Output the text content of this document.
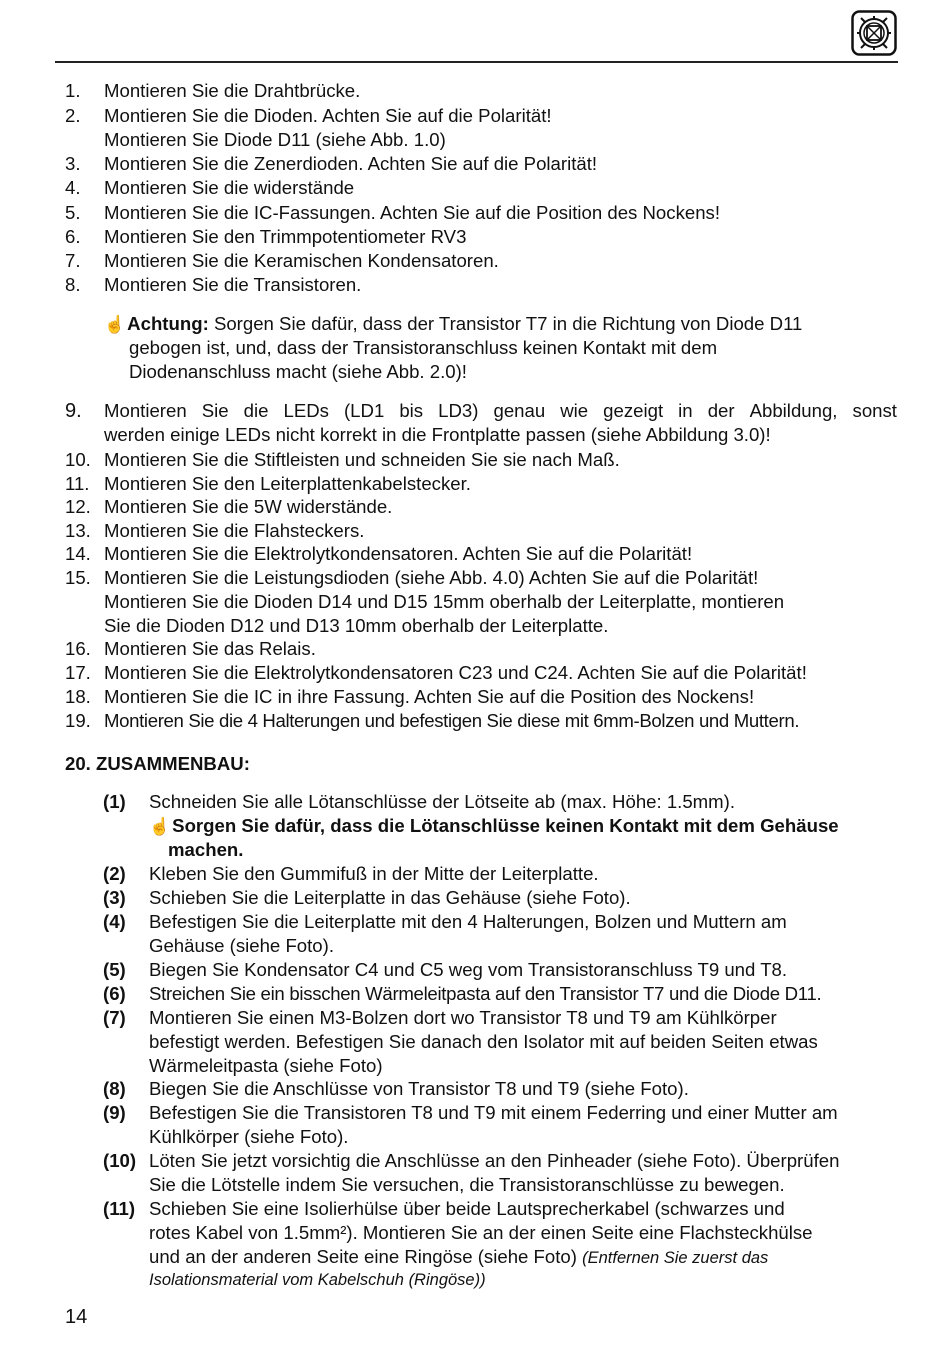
1.	Montieren Sie die Drahtbrücke.
2.	Montieren Sie die Dioden. Achten Sie auf die Polarität!
Montieren Sie Diode D11 (siehe Abb. 1.0)
3.	Montieren Sie die Zenerdioden. Achten Sie auf die Polarität!
4.	Montieren Sie die widerstände
5.	Montieren Sie die IC-Fassungen. Achten Sie auf die Position des Nockens!
6.	Montieren Sie den Trimmpotentiometer RV3
7.	Montieren Sie die Keramischen Kondensatoren.
8.	Montieren Sie die Transistoren.
☝ Achtung: Sorgen Sie dafür, dass der Transistor T7 in die Richtung von Diode D11
gebogen ist, und, dass der Transistoranschluss keinen Kontakt mit dem
Diodenanschluss macht (siehe Abb. 2.0)!
9.	Montieren Sie die LEDs (LD1 bis LD3) genau wie gezeigt in der Abbildung, sonst
werden einige LEDs nicht korrekt in die Frontplatte passen (siehe Abbildung 3.0)!
10. Montieren Sie die Stiftleisten und schneiden Sie sie nach Maß.
11. Montieren Sie den Leiterplattenkabelstecker.
12. Montieren Sie die 5W widerstände.
13. Montieren Sie die Flahsteckers.
14. Montieren Sie die Elektrolytkondensatoren. Achten Sie auf die Polarität!
15. Montieren Sie die Leistungsdioden (siehe Abb. 4.0) Achten Sie auf die Polarität!
Montieren Sie die Dioden D14 und D15 15mm oberhalb der Leiterplatte, montieren
Sie die Dioden D12 und D13 10mm oberhalb der Leiterplatte.
16. Montieren Sie das Relais.
17. Montieren Sie die Elektrolytkondensatoren C23 und C24. Achten Sie auf die Polarität!
18. Montieren Sie die IC in ihre Fassung. Achten Sie auf die Position des Nockens!
19. Montieren Sie die 4 Halterungen und befestigen Sie diese mit 6mm-Bolzen und Muttern.
20. ZUSAMMENBAU:
(1) Schneiden Sie alle Lötanschlüsse der Lötseite ab (max. Höhe: 1.5mm).
☝ Sorgen Sie dafür, dass die Lötanschlüsse keinen Kontakt mit dem Gehäuse
machen.
(2) Kleben Sie den Gummifuß in der Mitte der Leiterplatte.
(3) Schieben Sie die Leiterplatte in das Gehäuse (siehe Foto).
(4) Befestigen Sie die Leiterplatte mit den 4 Halterungen, Bolzen und Muttern am
Gehäuse (siehe Foto).
(5) Biegen Sie Kondensator C4 und C5 weg vom Transistoranschluss T9 und T8.
(6) Streichen Sie ein bisschen Wärmeleitpasta auf den Transistor T7 und die Diode D11.
(7) Montieren Sie einen M3-Bolzen dort wo Transistor T8 und T9 am Kühlkörper
befestigt werden. Befestigen Sie danach den Isolator mit auf beiden Seiten etwas
Wärmeleitpasta (siehe Foto)
(8) Biegen Sie die Anschlüsse von Transistor T8 und T9 (siehe Foto).
(9) Befestigen Sie die Transistoren T8 und T9 mit einem Federring und einer Mutter am
Kühlkörper (siehe Foto).
(10) Löten Sie jetzt vorsichtig die Anschlüsse an den Pinheader (siehe Foto). Überprüfen
Sie die Lötstelle indem Sie versuchen, die Transistoranschlüsse zu bewegen.
(11) Schieben Sie eine Isolierhülse über beide Lautsprecherkabel (schwarzes und
rotes Kabel von 1.5mm²). Montieren Sie an der einen Seite eine Flachsteckhülse
und an der anderen Seite eine Ringöse (siehe Foto) (Entfernen Sie zuerst das
Isolationsmaterial vom Kabelschuh (Ringöse))
14
